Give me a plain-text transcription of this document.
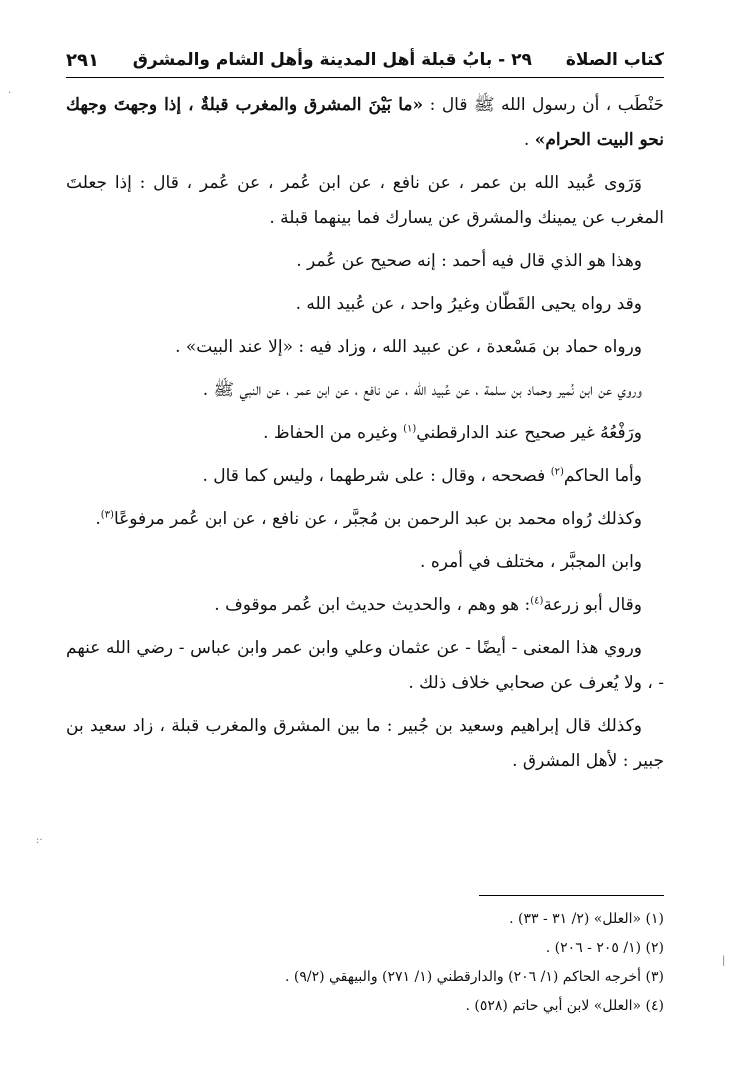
كتاب الصلاة٢٩ - بابُ قبلة أهل المدينة وأهل الشام والمشرق
٢٩١

حَنْطَب ، أن رسول الله ﷺ قال : «ما بَيْنَ المشرق والمغرب قبلةٌ ، إذا وجهتَ وجهك نحو البيت الحرام» .

وَرَوى عُبيد الله بن عمر ، عن نافع ، عن ابن عُمر ، عن عُمر ، قال : إذا جعلتَ المغرب عن يمينك والمشرق عن يسارك فما بينهما قبلة .

وهذا هو الذي قال فيه أحمد : إنه صحيح عن عُمر .

وقد رواه يحيى القَطّان وغيرُ واحد ، عن عُبيد الله .

ورواه حماد بن مَسْعدة ، عن عبيد الله ، وزاد فيه : «إلا عند البيت» .

وروي عن ابن نُمير وحماد بن سلمة ، عن عُبيد الله ، عن نافع ، عن ابن عمر ، عن النبي ﷺ .

ورَفْعُهُ غير صحيح عند الدارقطني$^{(١)}$ وغيره من الحفاظ .

وأما الحاكم$^{(٢)}$ فصححه ، وقال : على شرطهما ، وليس كما قال .

وكذلك رُواه محمد بن عبد الرحمن بن مُجبَّر ، عن نافع ، عن ابن عُمر مرفوعًا$^{(٣)}$.

وابن المجبَّر ، مختلف في أمره .

وقال أبو زرعة$^{(٤)}$: هو وهم ، والحديث حديث ابن عُمر موقوف .

وروي هذا المعنى - أيضًا - عن عثمان وعلي وابن عمر وابن عباس - رضي الله عنهم - ، ولا يُعرف عن صحابي خلاف ذلك .

وكذلك قال إبراهيم وسعيد بن جُبير : ما بين المشرق والمغرب قبلة ، زاد سعيد بن جبير : لأهل المشرق .

(١) «العلل» (٢/ ٣١ - ٣٣) .

(٢) (١/ ٢٠٥ - ٢٠٦) .

(٣) أخرجه الحاكم (١/ ٢٠٦) والدارقطني (١/ ٢٧١) والبيهقي (٩/٢) .

(٤) «العلل» لابن أبي حاتم (٥٢٨) .

·
·:
|
